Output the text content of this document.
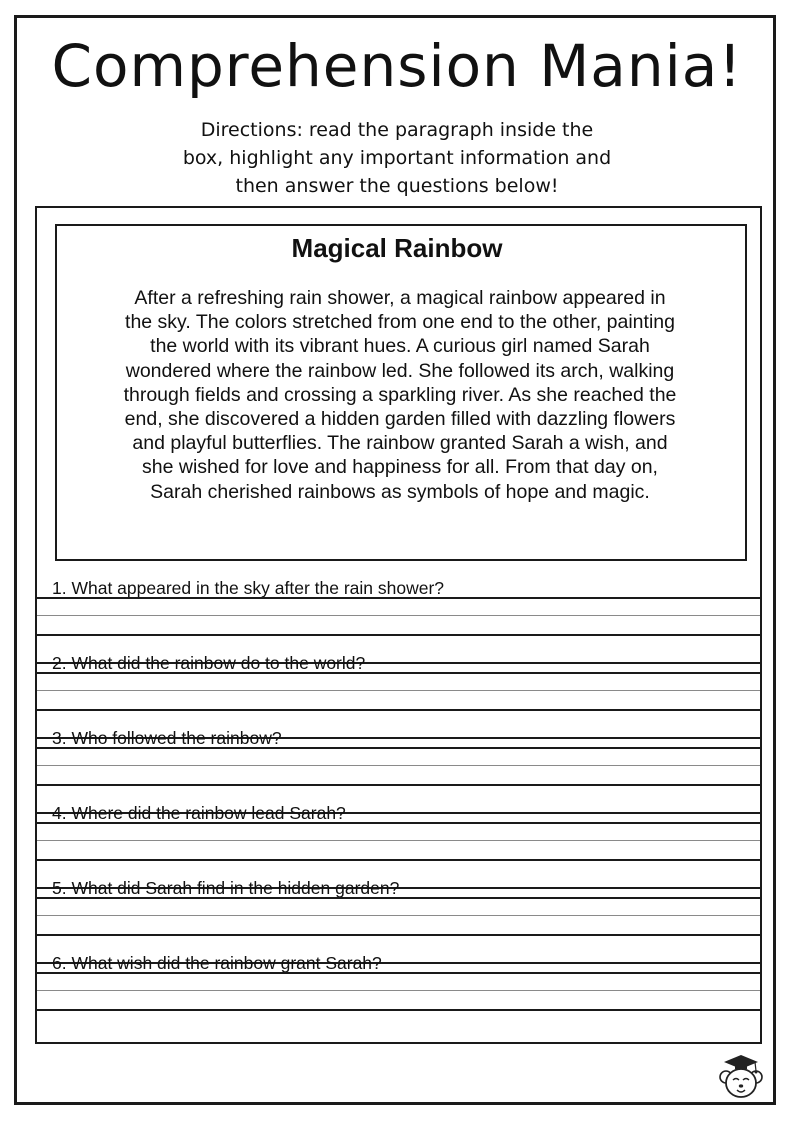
Comprehension Mania!
Directions: read the paragraph inside the
box, highlight any important information and
then answer the questions below!
Magical Rainbow
After a refreshing rain shower, a magical rainbow appeared in
the sky. The colors stretched from one end to the other, painting
the world with its vibrant hues. A curious girl named Sarah
wondered where the rainbow led. She followed its arch, walking
through fields and crossing a sparkling river. As she reached the
end, she discovered a hidden garden filled with dazzling flowers
and playful butterflies. The rainbow granted Sarah a wish, and
she wished for love and happiness for all. From that day on,
Sarah cherished rainbows as symbols of hope and magic.
1. What appeared in the sky after the rain shower?
2. What did the rainbow do to the world?
3. Who followed the rainbow?
4. Where did the rainbow lead Sarah?
5. What did Sarah find in the hidden garden?
6. What wish did the rainbow grant Sarah?
